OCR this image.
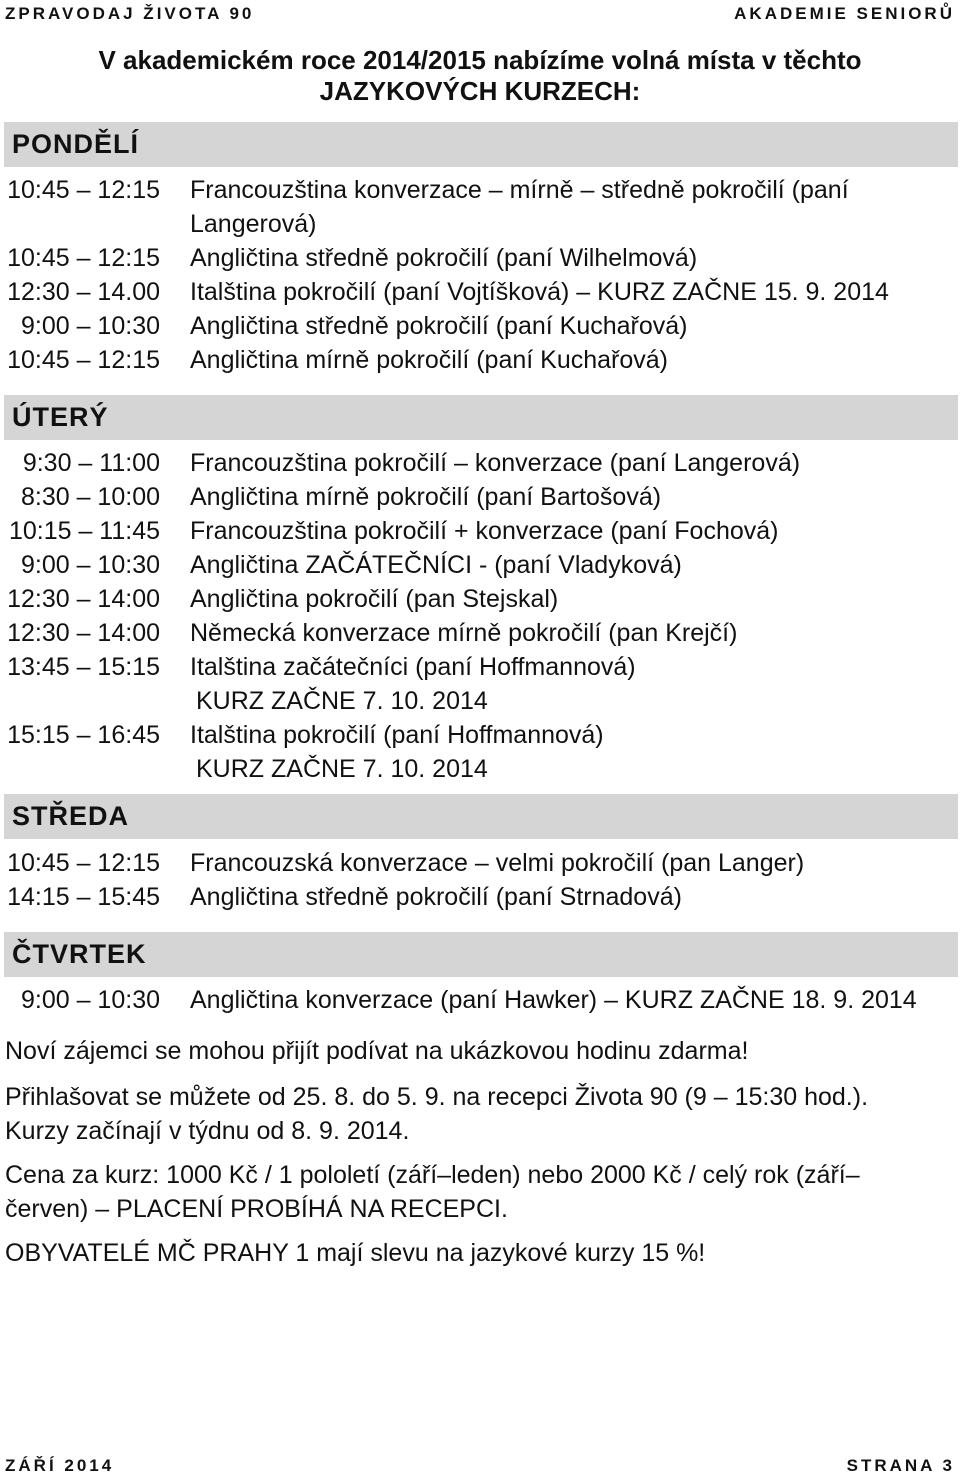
ZPRAVODAJ ŽIVOTA 90	AKADEMIE SENIORŮ
V akademickém roce 2014/2015 nabízíme volná místa v těchto
JAZYKOVÝCH KURZECH:
PONDĚLÍ
10:45 – 12:15 Francouzština konverzace – mírně – středně pokročilí (paní
Langerová)
10:45 – 12:15 Angličtina středně pokročilí (paní Wilhelmová)
12:30 – 14.00 Italština pokročilí (paní Vojtíšková) – KURZ ZAČNE 15. 9. 2014
9:00 – 10:30 Angličtina středně pokročilí (paní Kuchařová)
10:45 – 12:15 Angličtina mírně pokročilí (paní Kuchařová)
ÚTERÝ
9:30 – 11:00 Francouzština pokročilí – konverzace (paní Langerová)
8:30 – 10:00 Angličtina mírně pokročilí (paní Bartošová)
10:15 – 11:45 Francouzština pokročilí + konverzace (paní Fochová)
9:00 – 10:30 Angličtina ZAČÁTEČNÍCI - (paní Vladyková)
12:30 – 14:00 Angličtina pokročilí (pan Stejskal)
12:30 – 14:00 Německá konverzace mírně pokročilí (pan Krejčí)
13:45 – 15:15 Italština začátečníci (paní Hoffmannová)
KURZ ZAČNE 7. 10. 2014
15:15 – 16:45 Italština pokročilí (paní Hoffmannová)
KURZ ZAČNE 7. 10. 2014
STŘEDA
10:45 – 12:15 Francouzská konverzace – velmi pokročilí (pan Langer)
14:15 – 15:45 Angličtina středně pokročilí (paní Strnadová)
ČTVRTEK
9:00 – 10:30 Angličtina konverzace (paní Hawker) – KURZ ZAČNE 18. 9. 2014
Noví zájemci se mohou přijít podívat na ukázkovou hodinu zdarma!
Přihlašovat se můžete od 25. 8. do 5. 9. na recepci Života 90 (9 – 15:30 hod.).
Kurzy začínají v týdnu od 8. 9. 2014.
Cena za kurz: 1000 Kč / 1 pololetí (září–leden) nebo 2000 Kč / celý rok (září–
červen) – PLACENÍ PROBÍHÁ NA RECEPCI.
OBYVATELÉ MČ PRAHY 1 mají slevu na jazykové kurzy 15 %!
ZÁŘÍ 2014	STRANA 3
